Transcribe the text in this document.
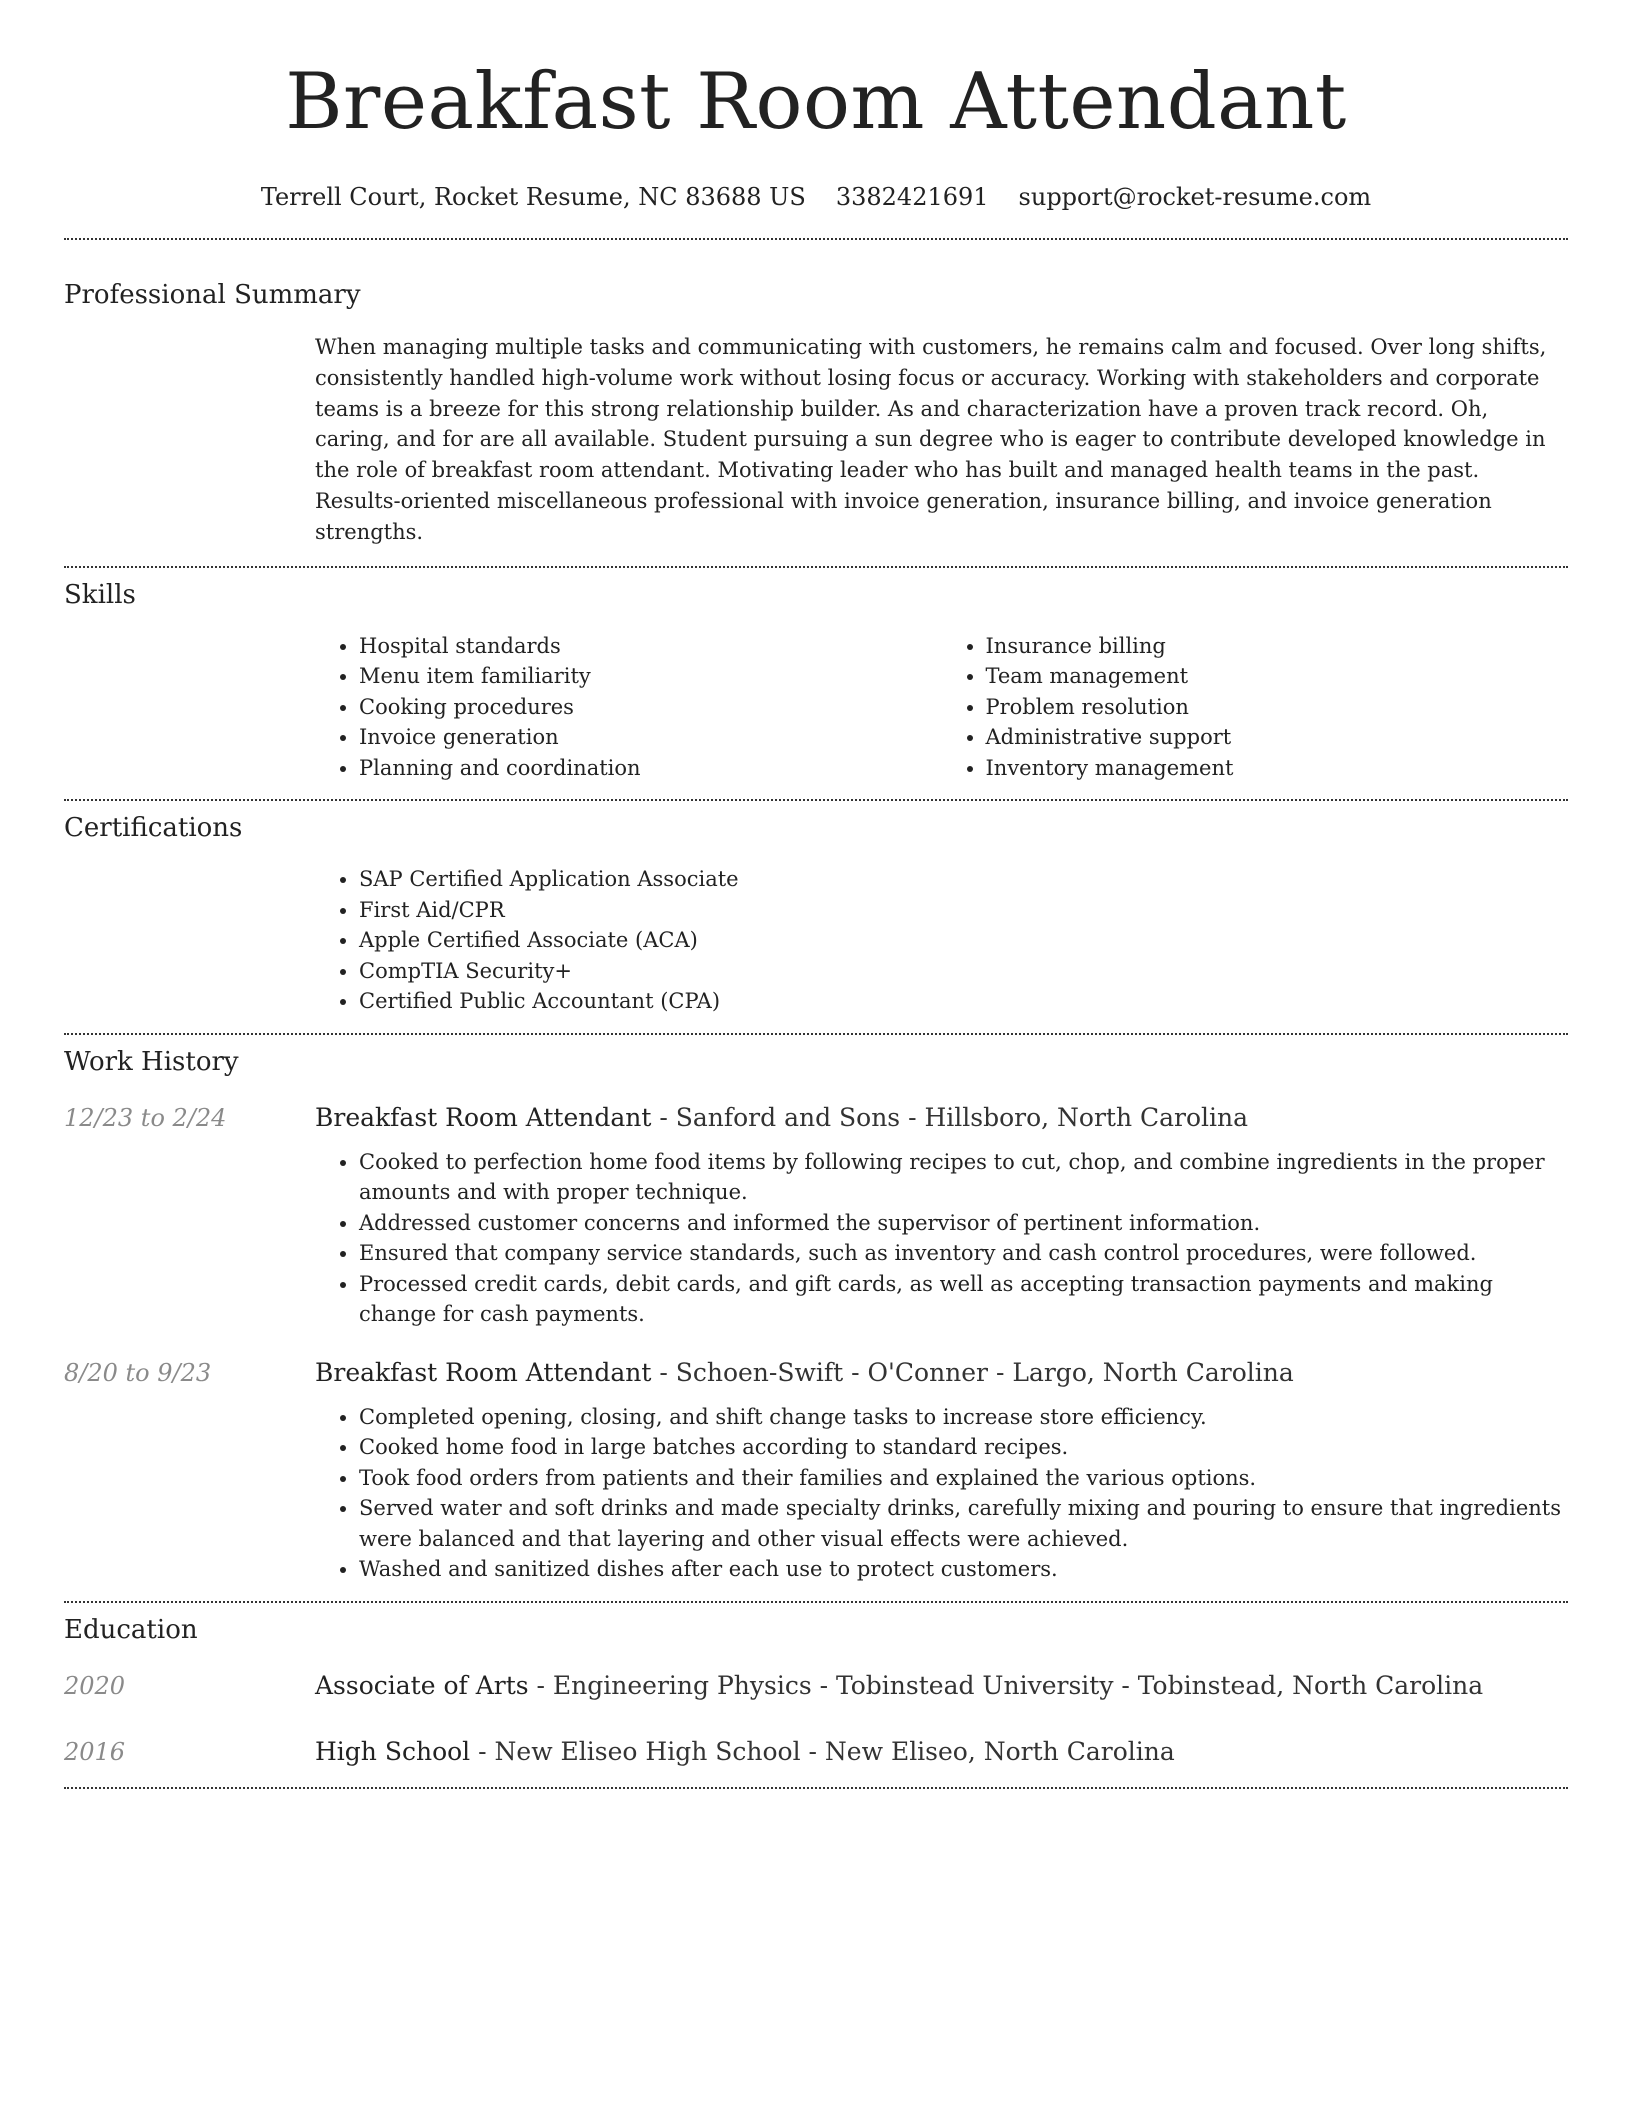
Breakfast Room Attendant
Terrell Court, Rocket Resume, NC 83688 US 3382421691 support@rocket-resume.com
Professional Summary

When managing multiple tasks and communicating with customers, he remains calm and focused. Over long shifts, consistently handled high-volume work without losing focus or accuracy. Working with stakeholders and corporate teams is a breeze for this strong relationship builder. As and characterization have a proven track record. Oh, caring, and for are all available. Student pursuing a sun degree who is eager to contribute developed knowledge in the role of breakfast room attendant. Motivating leader who has built and managed health teams in the past. Results-oriented miscellaneous professional with invoice generation, insurance billing, and invoice generation strengths.

Skills
• Hospital standards
• Menu item familiarity
• Cooking procedures
• Invoice generation
• Planning and coordination
• Insurance billing
• Team management
• Problem resolution
• Administrative support
• Inventory management
Certifications
• SAP Certified Application Associate
• First Aid/CPR
• Apple Certified Associate (ACA)
• CompTIA Security+
• Certified Public Accountant (CPA)
Work History
12/23 to 2/24	Breakfast Room Attendant - Sanford and Sons - Hillsboro, North Carolina
• Cooked to perfection home food items by following recipes to cut, chop, and combine ingredients in the proper amounts and with proper technique.
• Addressed customer concerns and informed the supervisor of pertinent information.
• Ensured that company service standards, such as inventory and cash control procedures, were followed.
• Processed credit cards, debit cards, and gift cards, as well as accepting transaction payments and making change for cash payments.
8/20 to 9/23	Breakfast Room Attendant - Schoen-Swift - O'Conner - Largo, North Carolina
• Completed opening, closing, and shift change tasks to increase store efficiency.
• Cooked home food in large batches according to standard recipes.
• Took food orders from patients and their families and explained the various options.
• Served water and soft drinks and made specialty drinks, carefully mixing and pouring to ensure that ingredients were balanced and that layering and other visual effects were achieved.
• Washed and sanitized dishes after each use to protect customers.
Education
2020	Associate of Arts - Engineering Physics - Tobinstead University - Tobinstead, North Carolina
2016	High School - New Eliseo High School - New Eliseo, North Carolina
